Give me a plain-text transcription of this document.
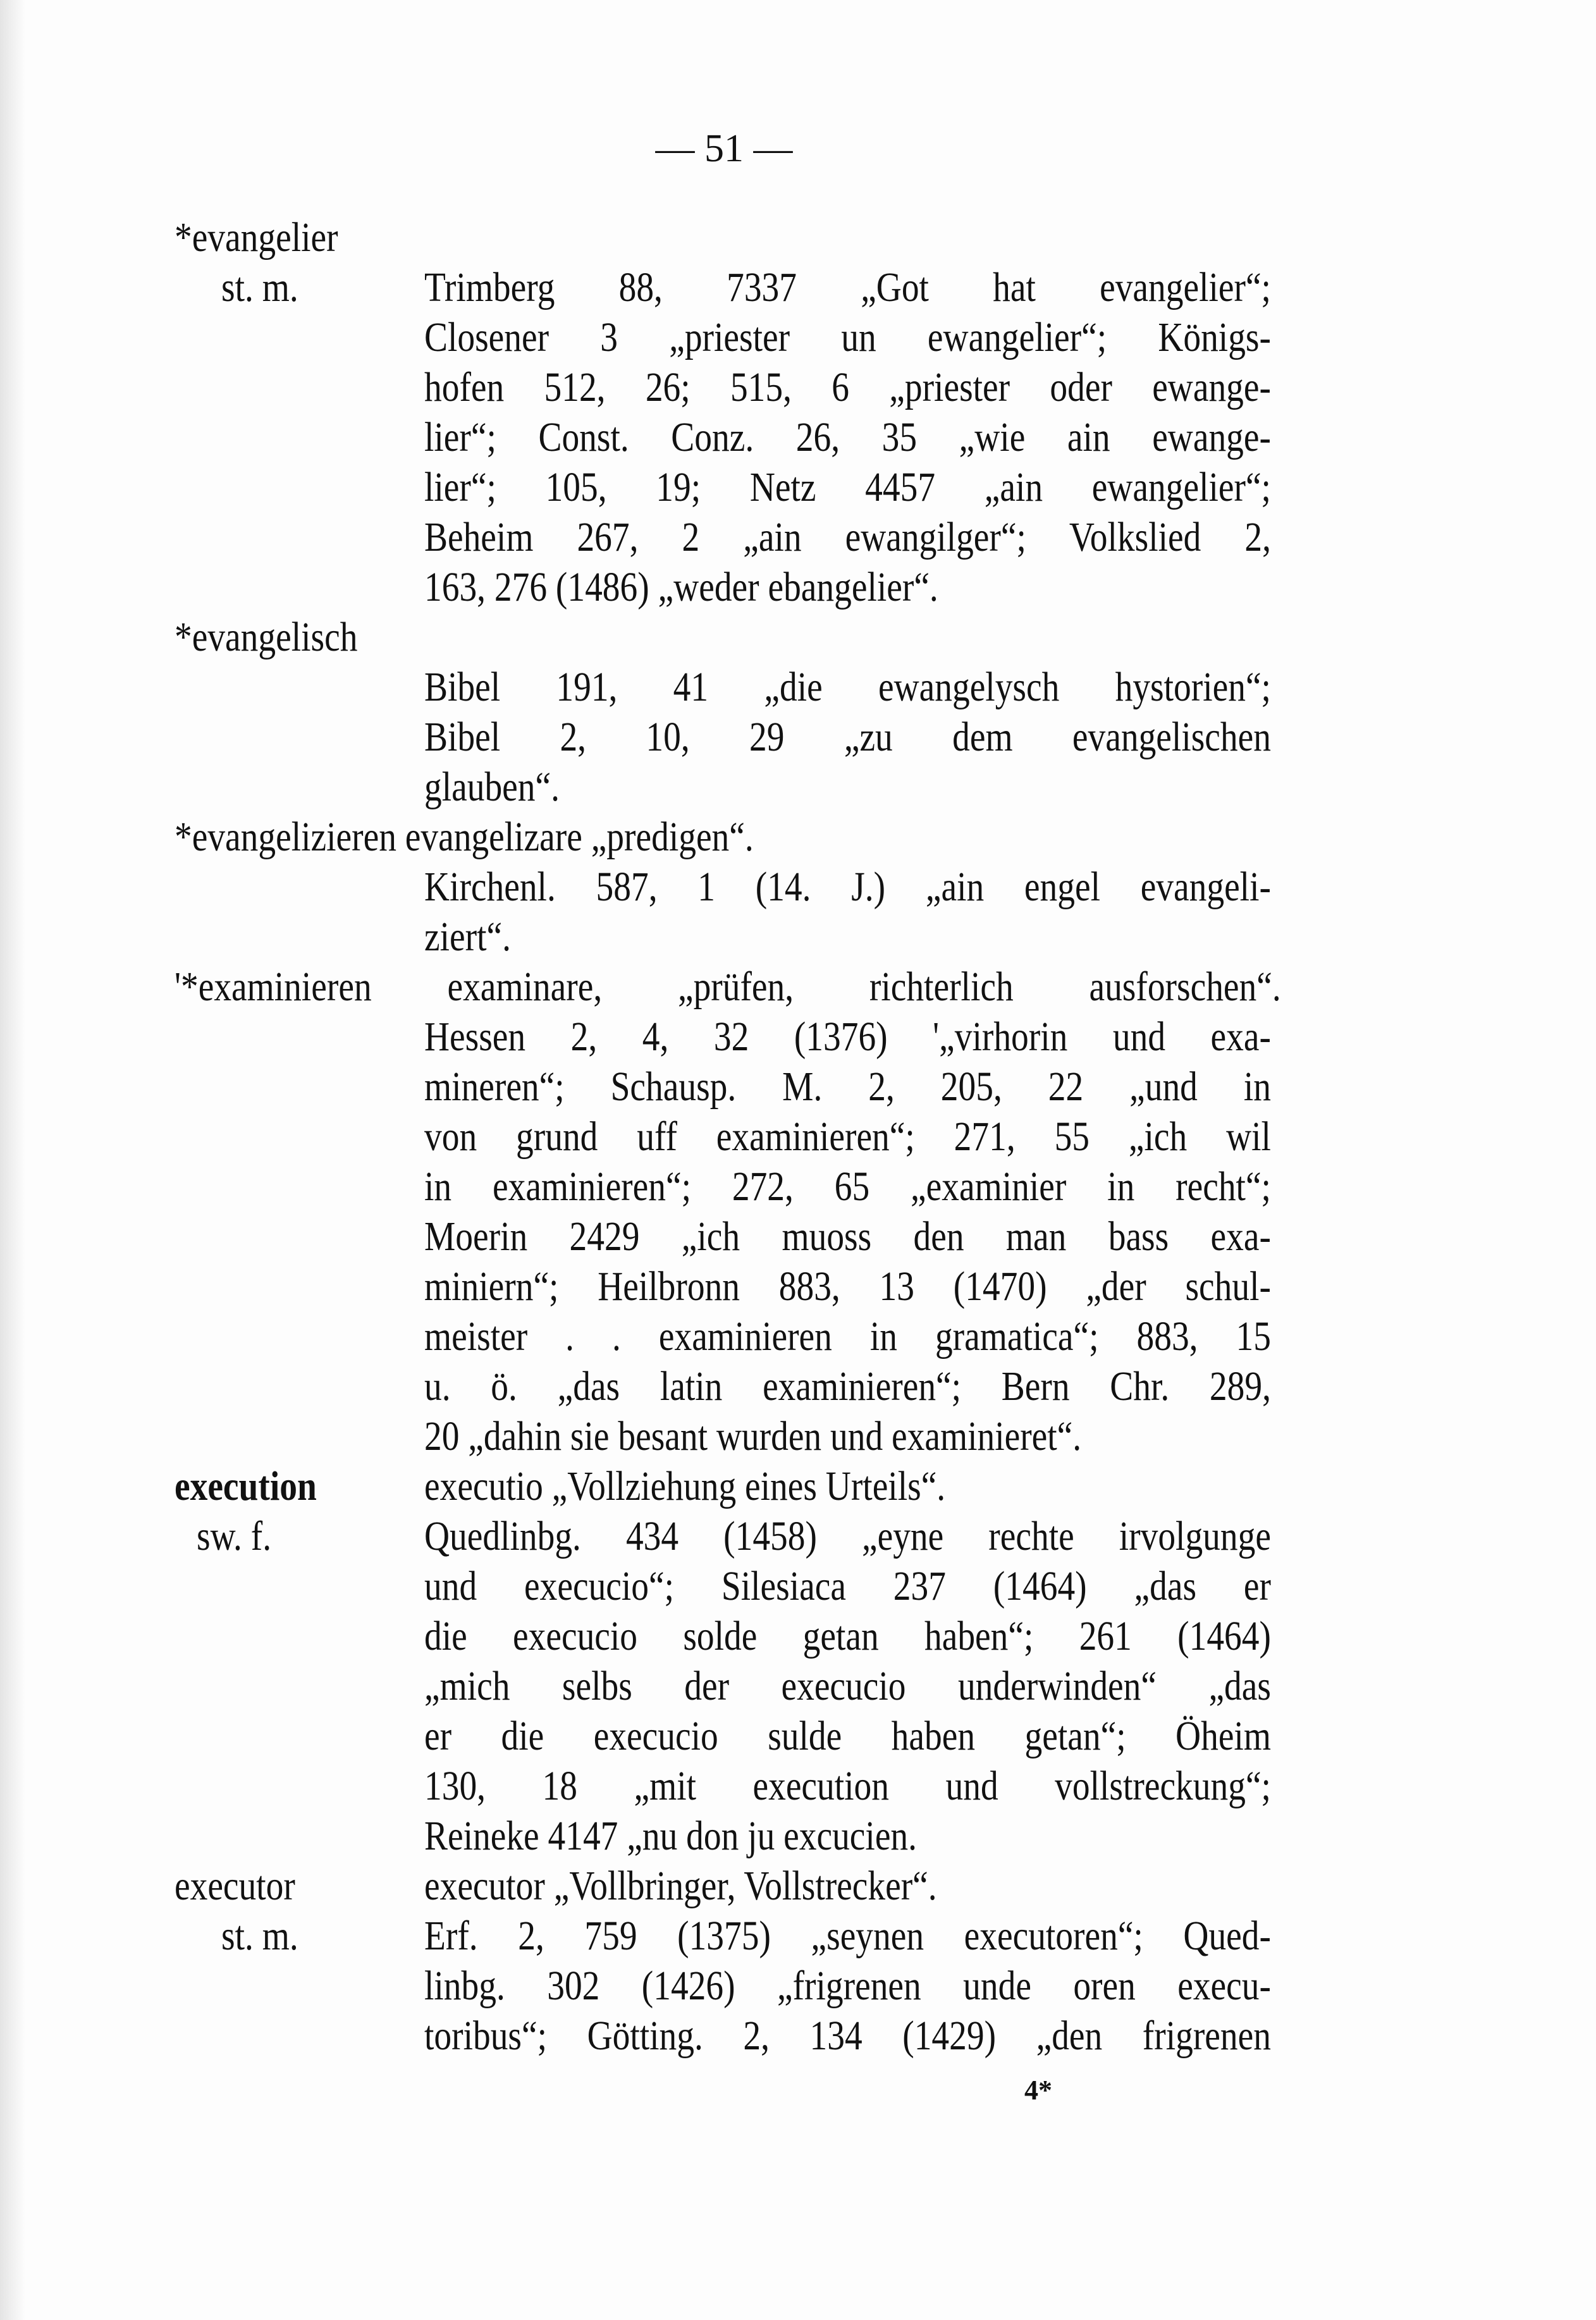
— 51 —
*evangelier
st. m.	Trimberg 88, 7337 „Got hat evangelier“;
Closener 3 „priester un ewangelier“; Königs-
hofen 512, 26; 515, 6 „priester oder ewange-
lier“; Const. Conz. 26, 35 „wie ain ewange-
lier“; 105, 19; Netz 4457 „ain ewangelier“;
Beheim 267, 2 „ain ewangilger“; Volkslied 2,
163, 276 (1486) „weder ebangelier“.
*evangelisch
Bibel 191, 41 „die ewangelysch hystorien“;
Bibel 2, 10, 29 „zu dem evangelischen
glauben“.
*evangelizieren evangelizare „predigen“.
Kirchenl. 587, 1 (14. J.) „ain engel evangeli-
ziert“.
'*examinieren examinare, „prüfen, richterlich ausforschen“.
Hessen 2, 4, 32 (1376) '„virhorin und exa-
mineren“; Schausp. M. 2, 205, 22 „und in
von grund uff examinieren“; 271, 55 „ich wil
in examinieren“; 272, 65 „examinier in recht“;
Moerin 2429 „ich muoss den man bass exa-
miniern“; Heilbronn 883, 13 (1470) „der schul-
meister . . examinieren in gramatica“; 883, 15
u. ö. „das latin examinieren“; Bern Chr. 289,
20 „dahin sie besant wurden und examinieret“.
execution	executio „Vollziehung eines Urteils“.
sw. f.	Quedlinbg. 434 (1458) „eyne rechte irvolgunge
und execucio“; Silesiaca 237 (1464) „das er
die execucio solde getan haben“; 261 (1464)
„mich selbs der execucio underwinden“ „das
er die execucio sulde haben getan“; Öheim
130, 18 „mit execution und vollstreckung“;
Reineke 4147 „nu don ju excucien.
executor	executor „Vollbringer, Vollstrecker“.
st. m.	Erf. 2, 759 (1375) „seynen executoren“; Qued-
linbg. 302 (1426) „frigrenen unde oren execu-
toribus“; Götting. 2, 134 (1429) „den frigrenen
4*
